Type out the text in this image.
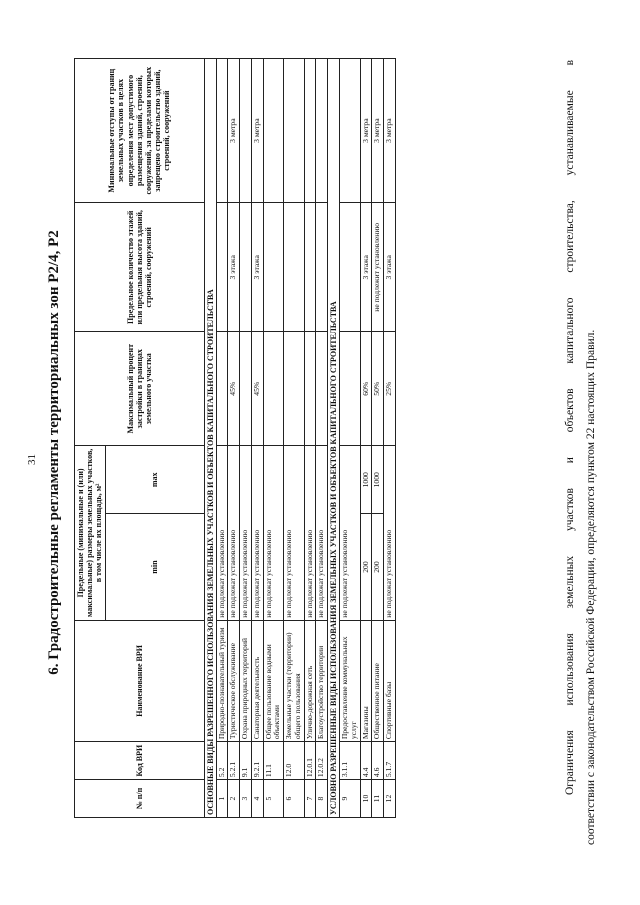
31 6. Градостроительные регламенты территориальных зон Р2/4, Р2
№ п/п	Код ВРИ	Наименование ВРИ	Предельные (минимальные и (или) максимальные) размеры земельных участков, в том числе их площадь, м²		Максимальный процент застройки в границах земельного участка	Предельное количество этажей или предельная высота зданий, строений, сооружений	Минимальные отступы от границ земельных участков в целях определения мест допустимого размещения зданий, строений, сооружений, за пределами которых запрещено строительство зданий, строений, сооружений
			min	max			
ОСНОВНЫЕ ВИДЫ РАЗРЕШЕННОГО ИСПОЛЬЗОВАНИЯ ЗЕМЕЛЬНЫХ УЧАСТКОВ И ОБЪЕКТОВ КАПИТАЛЬНОГО СТРОИТЕЛЬСТВА							
1	5.2	Природно-познавательный туризм	не подлежат установлению				
2	5.2.1	Туристическое обслуживание	не подлежат установлению		45%	3 этажа	3 метра
3	9.1	Охрана природных территорий	не подлежат установлению				
4	9.2.1	Санаторная деятельность	не подлежат установлению		45%	3 этажа	3 метра
5	11.1	Общее пользование водными объектами	не подлежат установлению				
6	12.0	Земельные участки (территории) общего пользования	не подлежат установлению				
7	12.0.1	Улично-дорожная сеть	не подлежат установлению				
8	12.0.2	Благоустройство территории	не подлежат установлению				
УСЛОВНО РАЗРЕШЕННЫЕ ВИДЫ ИСПОЛЬЗОВАНИЯ ЗЕМЕЛЬНЫХ УЧАСТКОВ И ОБЪЕКТОВ КАПИТАЛЬНОГО СТРОИТЕЛЬСТВА							
9	3.1.1	Предоставление коммунальных услуг	не подлежат установлению				
10	4.4	Магазины	200	1000	60%	3 этажа	3 метра
11	4.6	Общественное питание	200	1000	50%	не подлежит установлению	3 метра
12	5.1.7	Спортивные базы	не подлежат установлению		25%	3 этажа	3 метра	Ограничения использования земельных участков и объектов капитального строительства, устанавливаемые в соответствии с законодательством Российской Федерации, определяются пунктом 22 настоящих Правил.
